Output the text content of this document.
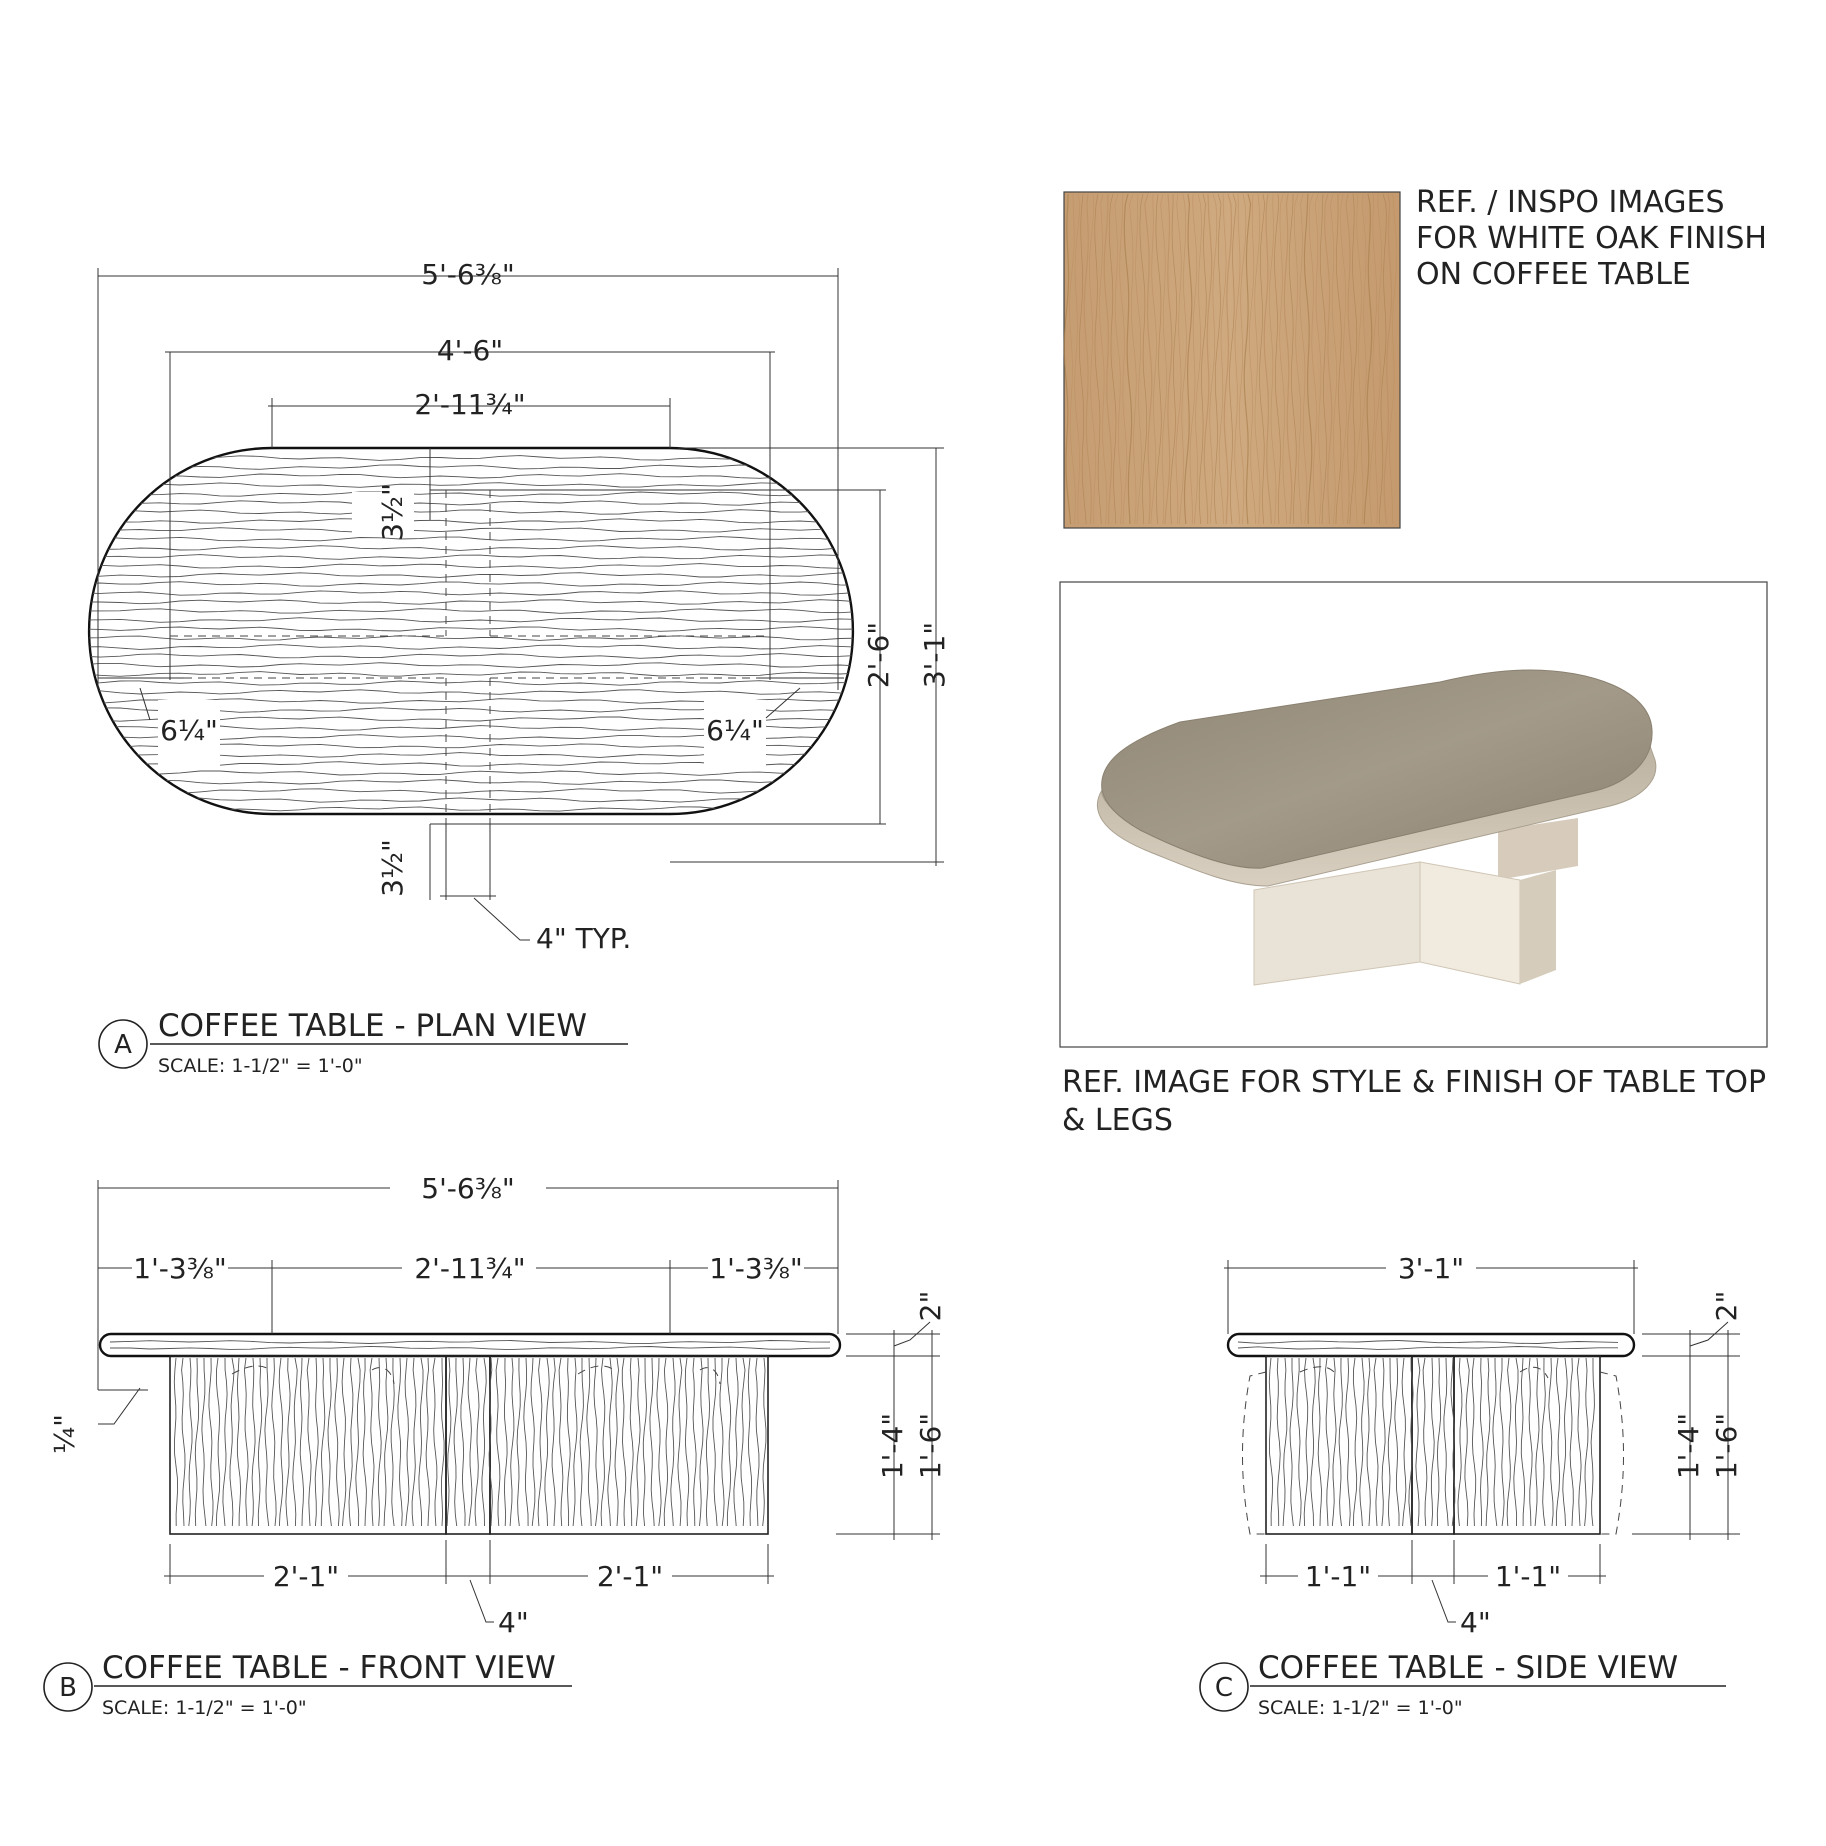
5'-6⅜"
4'-6"
2'-11¾"
3'-1"
2'-6"
3½"
3½"
6¼"	6¼"
4" TYP.
A
COFFEE TABLE - PLAN VIEW
SCALE: 1-1/2" = 1'-0"
REF. / INSPO IMAGES
FOR WHITE OAK FINISH
ON COFFEE TABLE
REF. IMAGE FOR STYLE & FINISH OF TABLE TOP
& LEGS
5'-6⅜"
1'-3⅜"	2'-11¾"	1'-3⅜"
2"
1'-4" 1'-6"
¼"
2'-1"	2'-1"
4"
B
COFFEE TABLE - FRONT VIEW
SCALE: 1-1/2" = 1'-0"
3'-1"
2"
1'-4" 1'-6"
1'-1"	1'-1"
4"
C
COFFEE TABLE - SIDE VIEW
SCALE: 1-1/2" = 1'-0"
